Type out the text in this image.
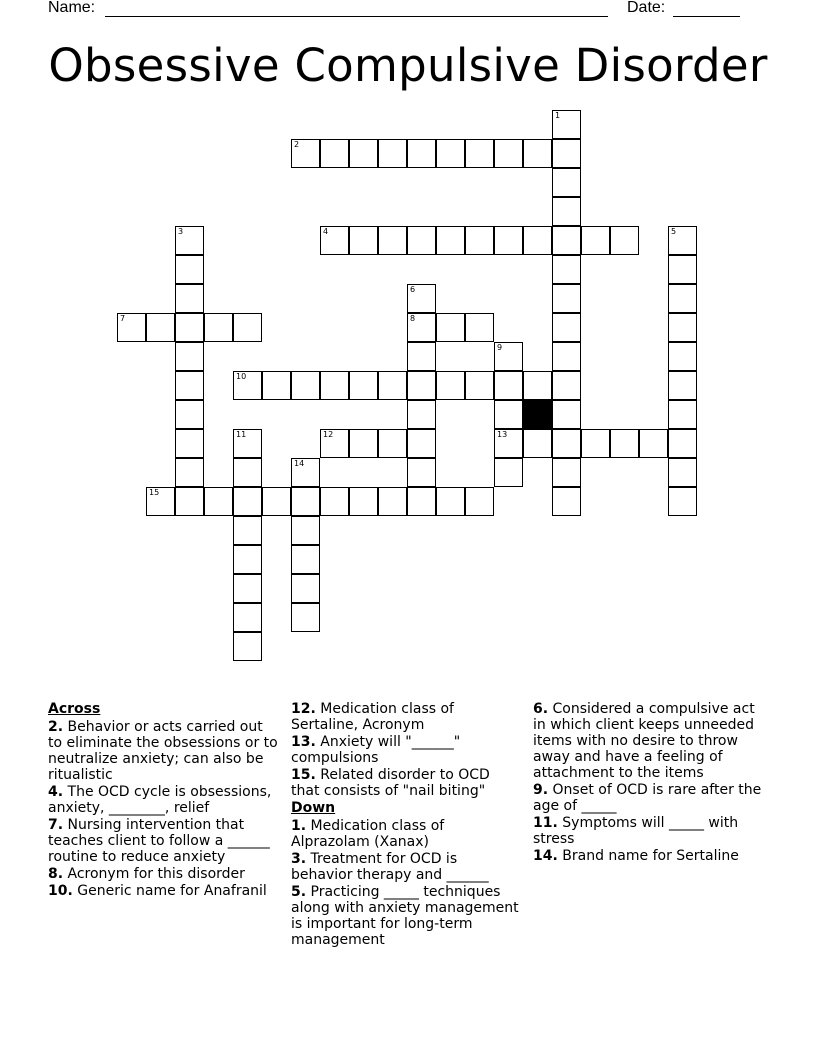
Name:	Date:
Obsessive Compulsive Disorder
1
2
3	4	5
6
8
7
9
13
10
11	12
14
15
Across
2. Behavior or acts carried out to eliminate the obsessions or to neutralize anxiety; can also be ritualistic
4. The OCD cycle is obsessions, anxiety, ________, relief
7. Nursing intervention that teaches client to follow a ______ routine to reduce anxiety
8. Acronym for this disorder
10. Generic name for Anafranil
12. Medication class of Sertaline, Acronym
13. Anxiety will "______" compulsions
15. Related disorder to OCD that consists of "nail biting"
Down
1. Medication class of Alprazolam (Xanax)
3. Treatment for OCD is behavior therapy and ______
5. Practicing _____ techniques along with anxiety management is important for long-term management
6. Considered a compulsive act in which client keeps unneeded items with no desire to throw away and have a feeling of attachment to the items
9. Onset of OCD is rare after the age of _____
11. Symptoms will _____ with stress
14. Brand name for Sertaline
